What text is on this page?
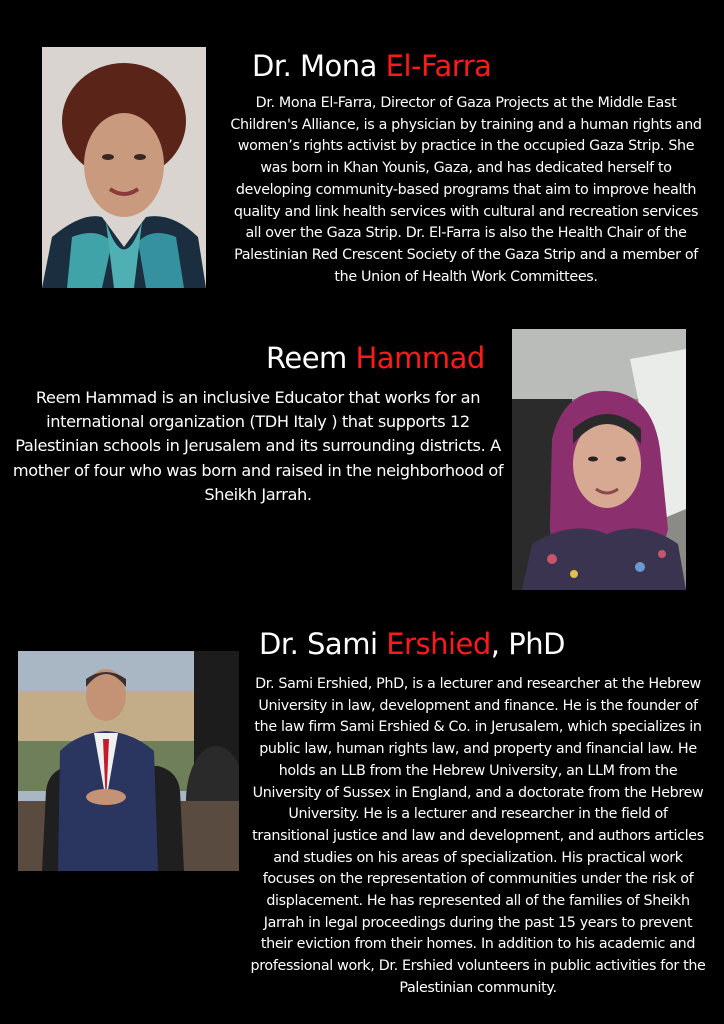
Dr. Mona El-Farra
Dr. Mona El-Farra, Director of Gaza Projects at the Middle East Children's Alliance, is a physician by training and a human rights and women’s rights activist by practice in the occupied Gaza Strip. She was born in Khan Younis, Gaza, and has dedicated herself to developing community-based programs that aim to improve health quality and link health services with cultural and recreation services all over the Gaza Strip. Dr. El-Farra is also the Health Chair of the Palestinian Red Crescent Society of the Gaza Strip and a member of the Union of Health Work Committees.
Reem Hammad
Reem Hammad is an inclusive Educator that works for an international organization (TDH Italy ) that supports 12 Palestinian schools in Jerusalem and its surrounding districts. A mother of four who was born and raised in the neighborhood of Sheikh Jarrah.
Dr. Sami Ershied, PhD
Dr. Sami Ershied, PhD, is a lecturer and researcher at the Hebrew University in law, development and finance. He is the founder of the law firm Sami Ershied & Co. in Jerusalem, which specializes in public law, human rights law, and property and financial law. He holds an LLB from the Hebrew University, an LLM from the University of Sussex in England, and a doctorate from the Hebrew University. He is a lecturer and researcher in the field of transitional justice and law and development, and authors articles and studies on his areas of specialization. His practical work focuses on the representation of communities under the risk of displacement. He has represented all of the families of Sheikh Jarrah in legal proceedings during the past 15 years to prevent their eviction from their homes. In addition to his academic and professional work, Dr. Ershied volunteers in public activities for the Palestinian community.
